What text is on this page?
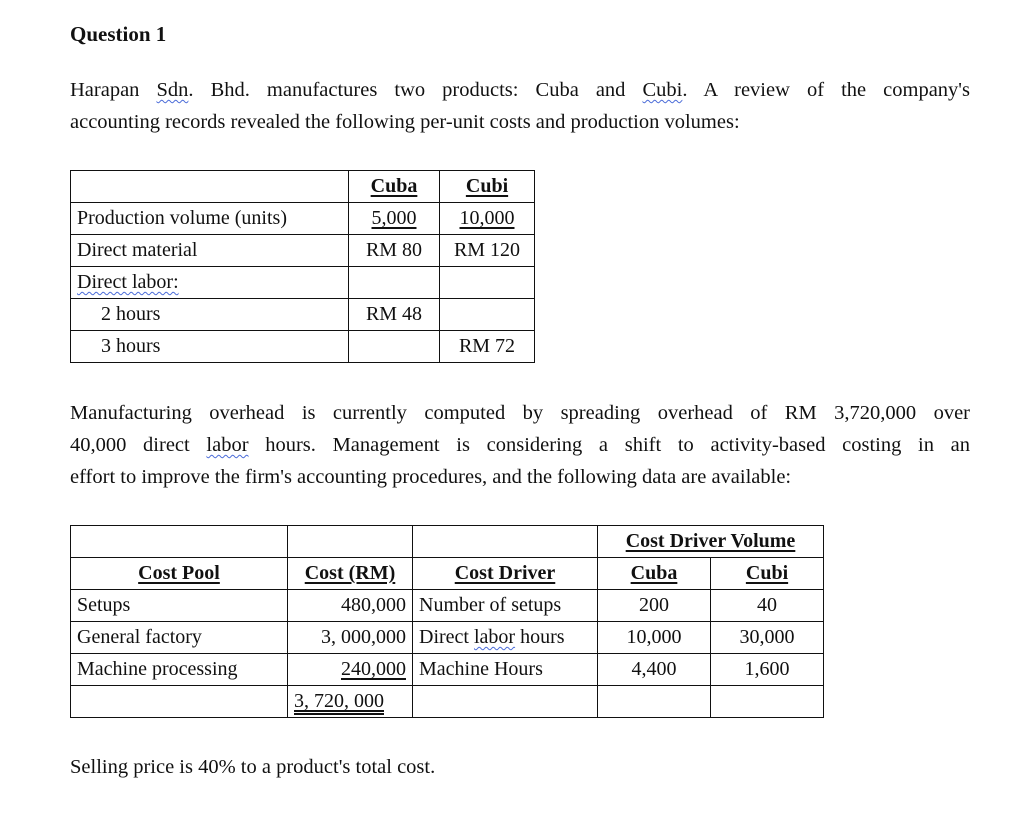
Question 1
Harapan Sdn. Bhd. manufactures two products: Cuba and Cubi. A review of the company's
accounting records revealed the following per-unit costs and production volumes:
	Cuba	Cubi
Production volume (units)	5,000	10,000
Direct material	RM 80	RM 120
Direct labor:		
2 hours	RM 48	
3 hours		RM 72
Manufacturing overhead is currently computed by spreading overhead of RM 3,720,000 over
40,000 direct labor hours. Management is considering a shift to activity-based costing in an
effort to improve the firm's accounting procedures, and the following data are available:
			Cost Driver Volume	
Cost Pool	Cost (RM)	Cost Driver	Cuba	Cubi
Setups	480,000	Number of setups	200	40
General factory	3, 000,000	Direct labor hours	10,000	30,000
Machine processing	240,000	Machine Hours	4,400	1,600
	3, 720, 000			
Selling price is 40% to a product's total cost.
